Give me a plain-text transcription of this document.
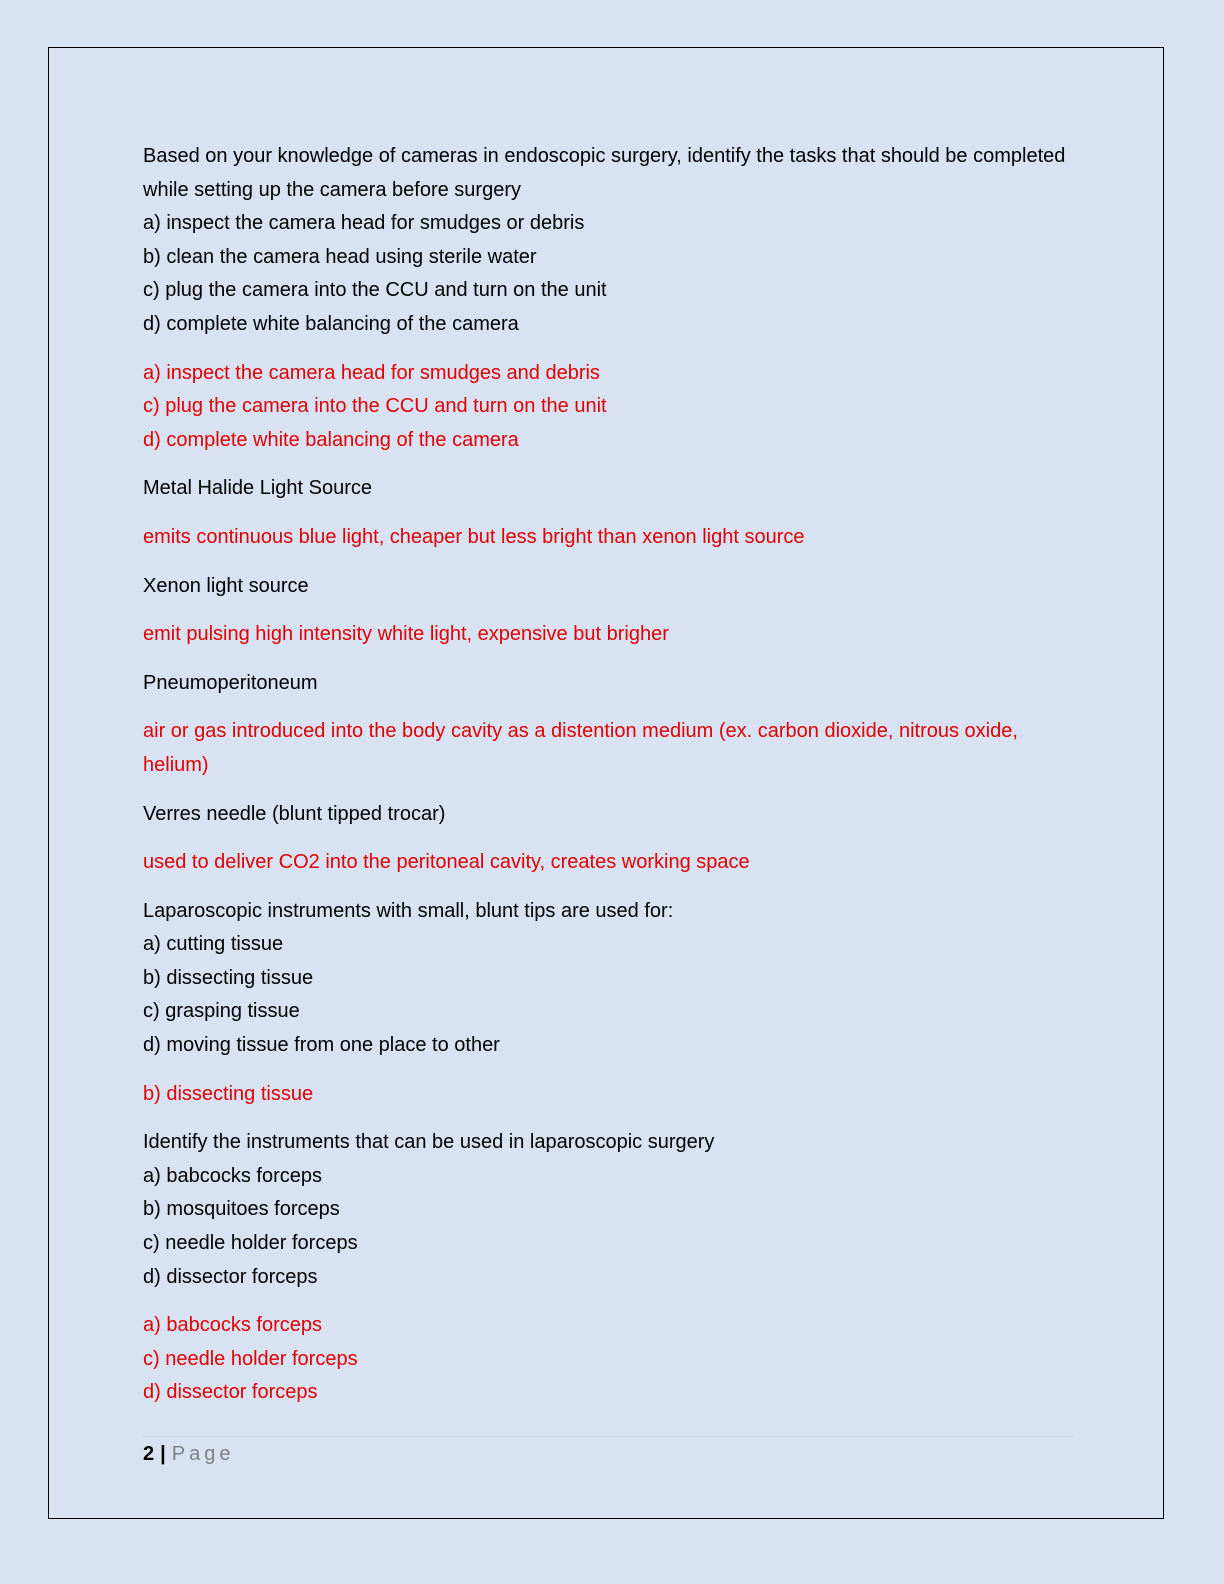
Based on your knowledge of cameras in endoscopic surgery, identify the tasks that should be completed while setting up the camera before surgery
a) inspect the camera head for smudges or debris
b) clean the camera head using sterile water
c) plug the camera into the CCU and turn on the unit
d) complete white balancing of the camera
a) inspect the camera head for smudges and debris
c) plug the camera into the CCU and turn on the unit
d) complete white balancing of the camera
Metal Halide Light Source
emits continuous blue light, cheaper but less bright than xenon light source
Xenon light source
emit pulsing high intensity white light, expensive but brigher
Pneumoperitoneum
air or gas introduced into the body cavity as a distention medium (ex. carbon dioxide, nitrous oxide, helium)
Verres needle (blunt tipped trocar)
used to deliver CO2 into the peritoneal cavity, creates working space
Laparoscopic instruments with small, blunt tips are used for:
a) cutting tissue
b) dissecting tissue
c) grasping tissue
d) moving tissue from one place to other
b) dissecting tissue
Identify the instruments that can be used in laparoscopic surgery
a) babcocks forceps
b) mosquitoes forceps
c) needle holder forceps
d) dissector forceps
a) babcocks forceps
c) needle holder forceps
d) dissector forceps
2 | Page
